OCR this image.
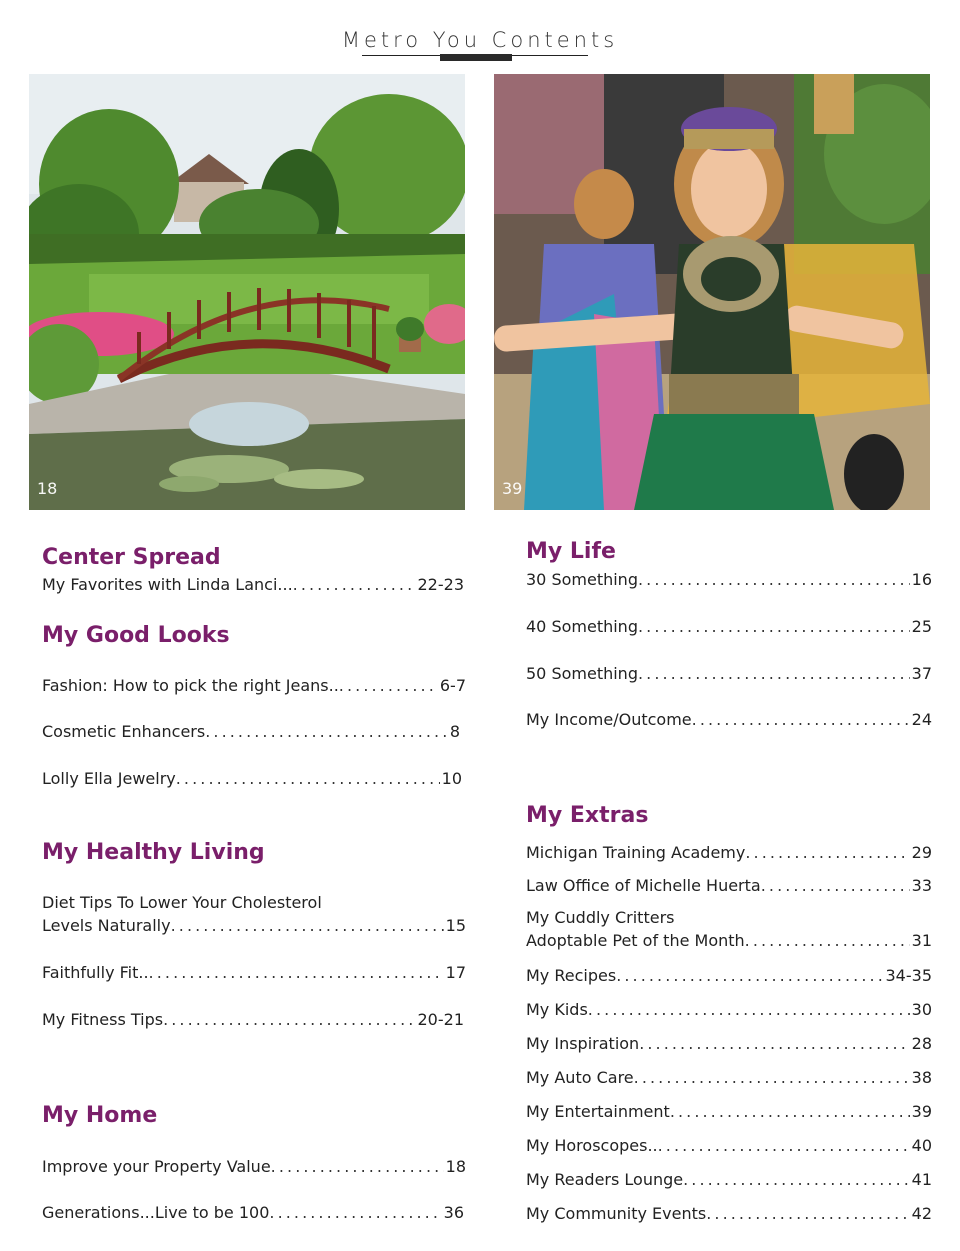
Metro You Contents
18	39
Center Spread
My Favorites with Linda Lanci... . . .	22-23
My Good Looks
Fashion: How to pick the right Jeans.. . . .	6-7
Cosmetic Enhancers . . .	8
Lolly Ella Jewelry . . .	10
My Healthy Living
Diet Tips To Lower Your Cholesterol
Levels Naturally . . .	15
Faithfully Fit.. . . .	17
My Fitness Tips . . .	20-21
My Home
Improve your Property Value . . .	18
Generations...Live to be 100 . . .	36
My Life
30 Something . . .	16
40 Something . . .	25
50 Something . . .	37
My Income/Outcome . . .	24
My Extras
Michigan Training Academy . . .	29
Law Office of Michelle Huerta . . .	33
My Cuddly Critters
Adoptable Pet of the Month . . .	31
My Recipes . . .	34-35
My Kids . . .	30
My Inspiration . . .	28
My Auto Care . . .	38
My Entertainment . . .	39
My Horoscopes.. . . .	40
My Readers Lounge . . .	41
My Community Events . . .	42
